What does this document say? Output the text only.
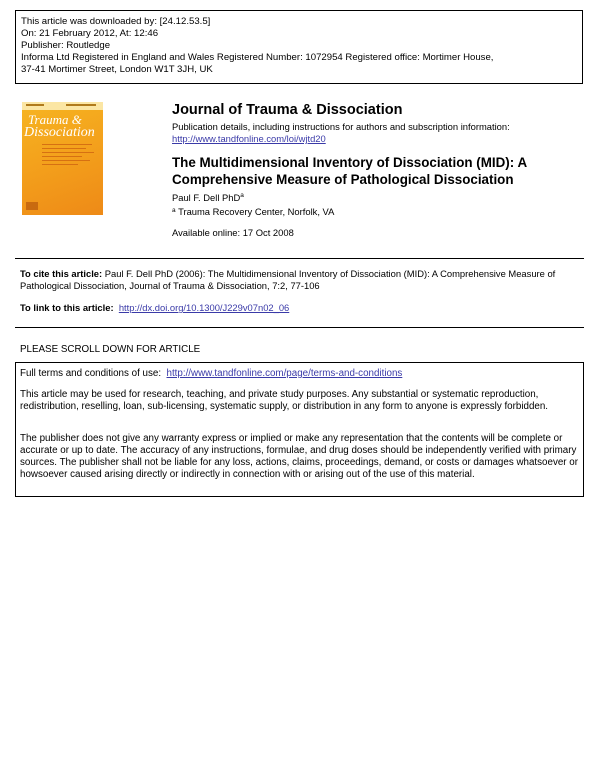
This article was downloaded by: [24.12.53.5]
On: 21 February 2012, At: 12:46
Publisher: Routledge
Informa Ltd Registered in England and Wales Registered Number: 1072954 Registered office: Mortimer House,
37-41 Mortimer Street, London W1T 3JH, UK
Trauma &
Dissociation
Journal of Trauma & Dissociation
Publication details, including instructions for authors and subscription information:
http://www.tandfonline.com/loi/wjtd20
The Multidimensional Inventory of Dissociation (MID): A
Comprehensive Measure of Pathological Dissociation
Paul F. Dell PhD$^a$
$^a$ Trauma Recovery Center, Norfolk, VA
Available online: 17 Oct 2008
To cite this article: Paul F. Dell PhD (2006): The Multidimensional Inventory of Dissociation (MID): A Comprehensive Measure of Pathological Dissociation, Journal of Trauma & Dissociation, 7:2, 77-106
To link to this article: http://dx.doi.org/10.1300/J229v07n02_06
PLEASE SCROLL DOWN FOR ARTICLE
Full terms and conditions of use: http://www.tandfonline.com/page/terms-and-conditions
This article may be used for research, teaching, and private study purposes. Any substantial or systematic reproduction, redistribution, reselling, loan, sub-licensing, systematic supply, or distribution in any form to anyone is expressly forbidden.
The publisher does not give any warranty express or implied or make any representation that the contents will be complete or accurate or up to date. The accuracy of any instructions, formulae, and drug doses should be independently verified with primary sources. The publisher shall not be liable for any loss, actions, claims, proceedings, demand, or costs or damages whatsoever or howsoever caused arising directly or indirectly in connection with or arising out of the use of this material.
